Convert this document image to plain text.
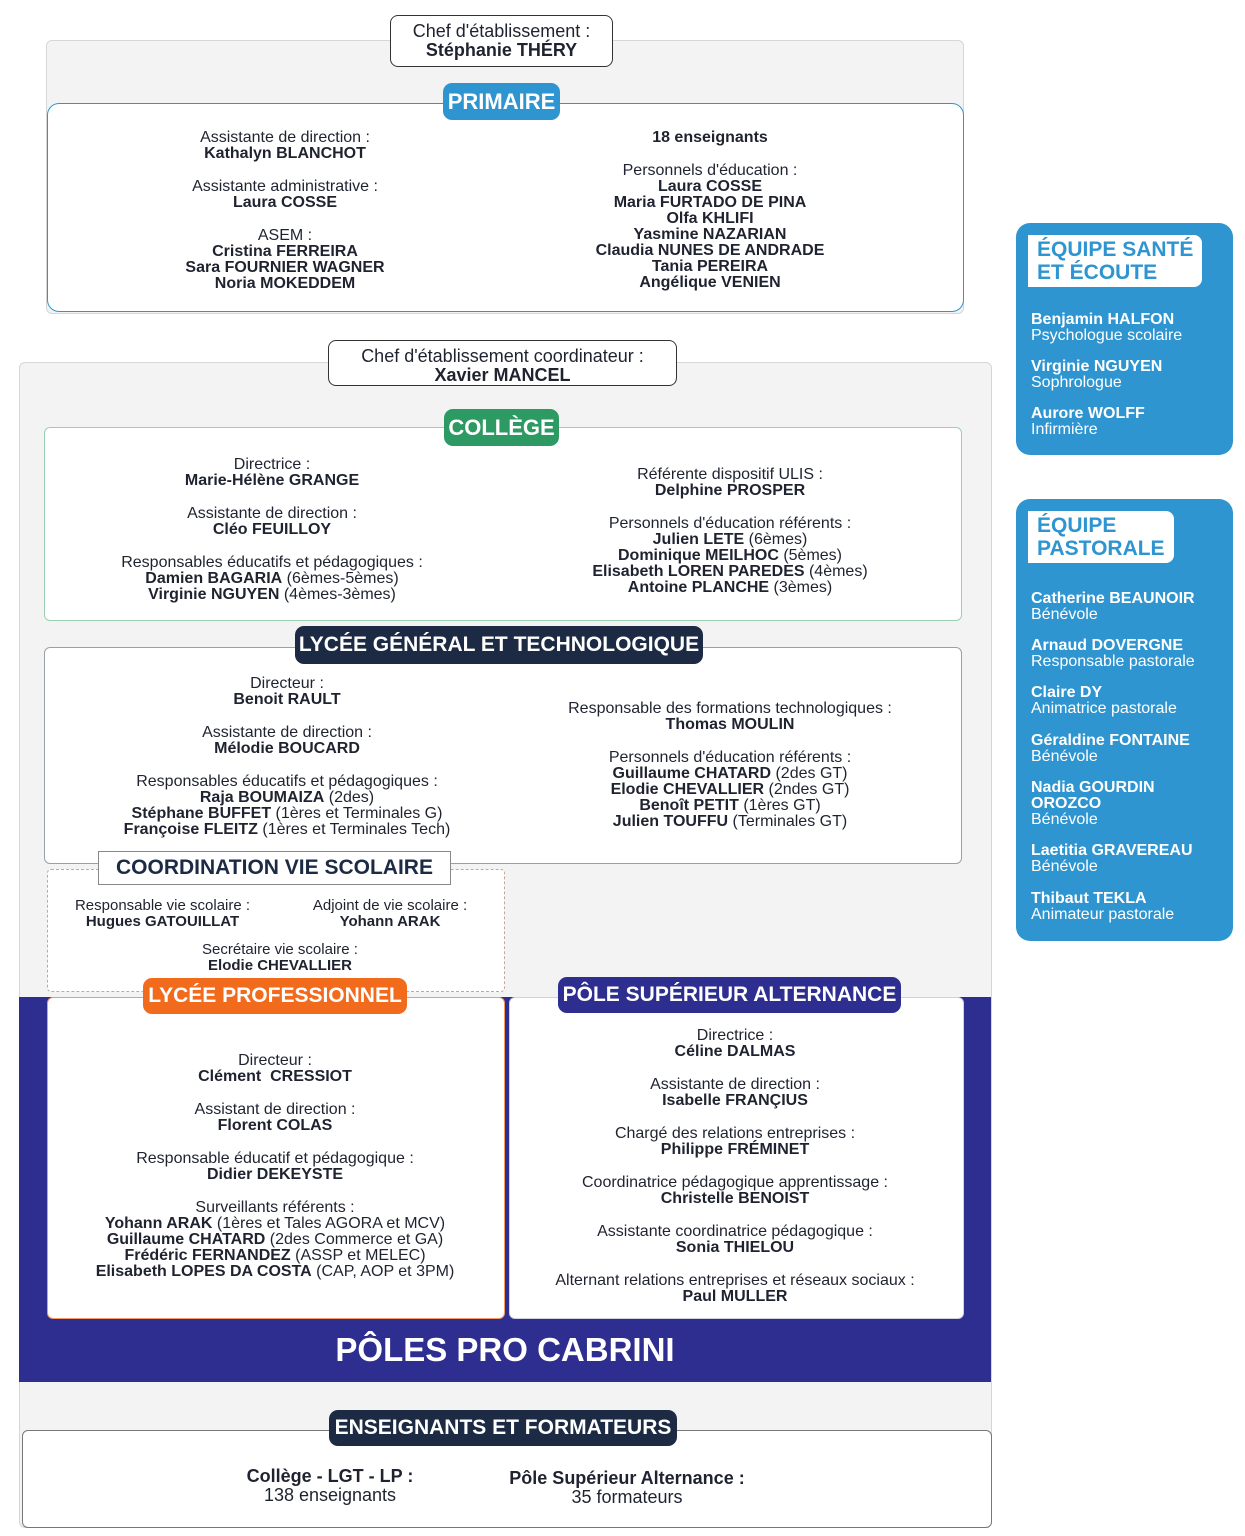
Chef d'établissement :
Stéphanie THÉRY
PRIMAIRE
Assistante de direction :
Kathalyn BLANCHOT
Assistante administrative :
Laura COSSE
ASEM :
Cristina FERREIRA
Sara FOURNIER WAGNER
Noria MOKEDDEM
18 enseignants
Personnels d'éducation :
Laura COSSE
Maria FURTADO DE PINA
Olfa KHLIFI
Yasmine NAZARIAN
Claudia NUNES DE ANDRADE
Tania PEREIRA
Angélique VENIEN
Chef d'établissement coordinateur :
Xavier MANCEL
COLLÈGE
Directrice :
Marie-Hélène GRANGE
Assistante de direction :
Cléo FEUILLOY
Responsables éducatifs et pédagogiques :
Damien BAGARIA (6èmes-5èmes)
Virginie NGUYEN (4èmes-3èmes)
Référente dispositif ULIS :
Delphine PROSPER
Personnels d'éducation référents :
Julien LETE (6èmes)
Dominique MEILHOC (5èmes)
Elisabeth LOREN PAREDES (4èmes)
Antoine PLANCHE (3èmes)
LYCÉE GÉNÉRAL ET TECHNOLOGIQUE
Directeur :
Benoit RAULT
Assistante de direction :
Mélodie BOUCARD
Responsables éducatifs et pédagogiques :
Raja BOUMAIZA (2des)
Stéphane BUFFET (1ères et Terminales G)
Françoise FLEITZ (1ères et Terminales Tech)
Responsable des formations technologiques :
Thomas MOULIN
Personnels d'éducation référents :
Guillaume CHATARD (2des GT)
Elodie CHEVALLIER (2ndes GT)
Benoît PETIT (1ères GT)
Julien TOUFFU (Terminales GT)
COORDINATION VIE SCOLAIRE
Responsable vie scolaire :
Hugues GATOUILLAT
Adjoint de vie scolaire :
Yohann ARAK
Secrétaire vie scolaire :
Elodie CHEVALLIER
LYCÉE PROFESSIONNEL	PÔLE SUPÉRIEUR ALTERNANCE
Directeur :
Clément  CRESSIOT
Assistant de direction :
Florent COLAS
Responsable éducatif et pédagogique :
Didier DEKEYSTE
Surveillants référents :
Yohann ARAK (1ères et Tales AGORA et MCV)
Guillaume CHATARD (2des Commerce et GA)
Frédéric FERNANDEZ (ASSP et MELEC)
Elisabeth LOPES DA COSTA (CAP, AOP et 3PM)
Directrice :
Céline DALMAS
Assistante de direction :
Isabelle FRANÇIUS
Chargé des relations entreprises :
Philippe FRÉMINET
Coordinatrice pédagogique apprentissage :
Christelle BENOIST
Assistante coordinatrice pédagogique :
Sonia THIELOU
Alternant relations entreprises et réseaux sociaux :
Paul MULLER
PÔLES PRO CABRINI
ENSEIGNANTS ET FORMATEURS
Collège - LGT - LP :
138 enseignants
Pôle Supérieur Alternance :
35 formateurs
ÉQUIPE SANTÉ
ET ÉCOUTE
Benjamin HALFON
Psychologue scolaire
Virginie NGUYEN
Sophrologue
Aurore WOLFF
Infirmière
ÉQUIPE
PASTORALE
Catherine BEAUNOIR
Bénévole
Arnaud DOVERGNE
Responsable pastorale
Claire DY
Animatrice pastorale
Géraldine FONTAINE
Bénévole
Nadia GOURDIN OROZCO
Bénévole
Laetitia GRAVEREAU
Bénévole
Thibaut TEKLA
Animateur pastorale
